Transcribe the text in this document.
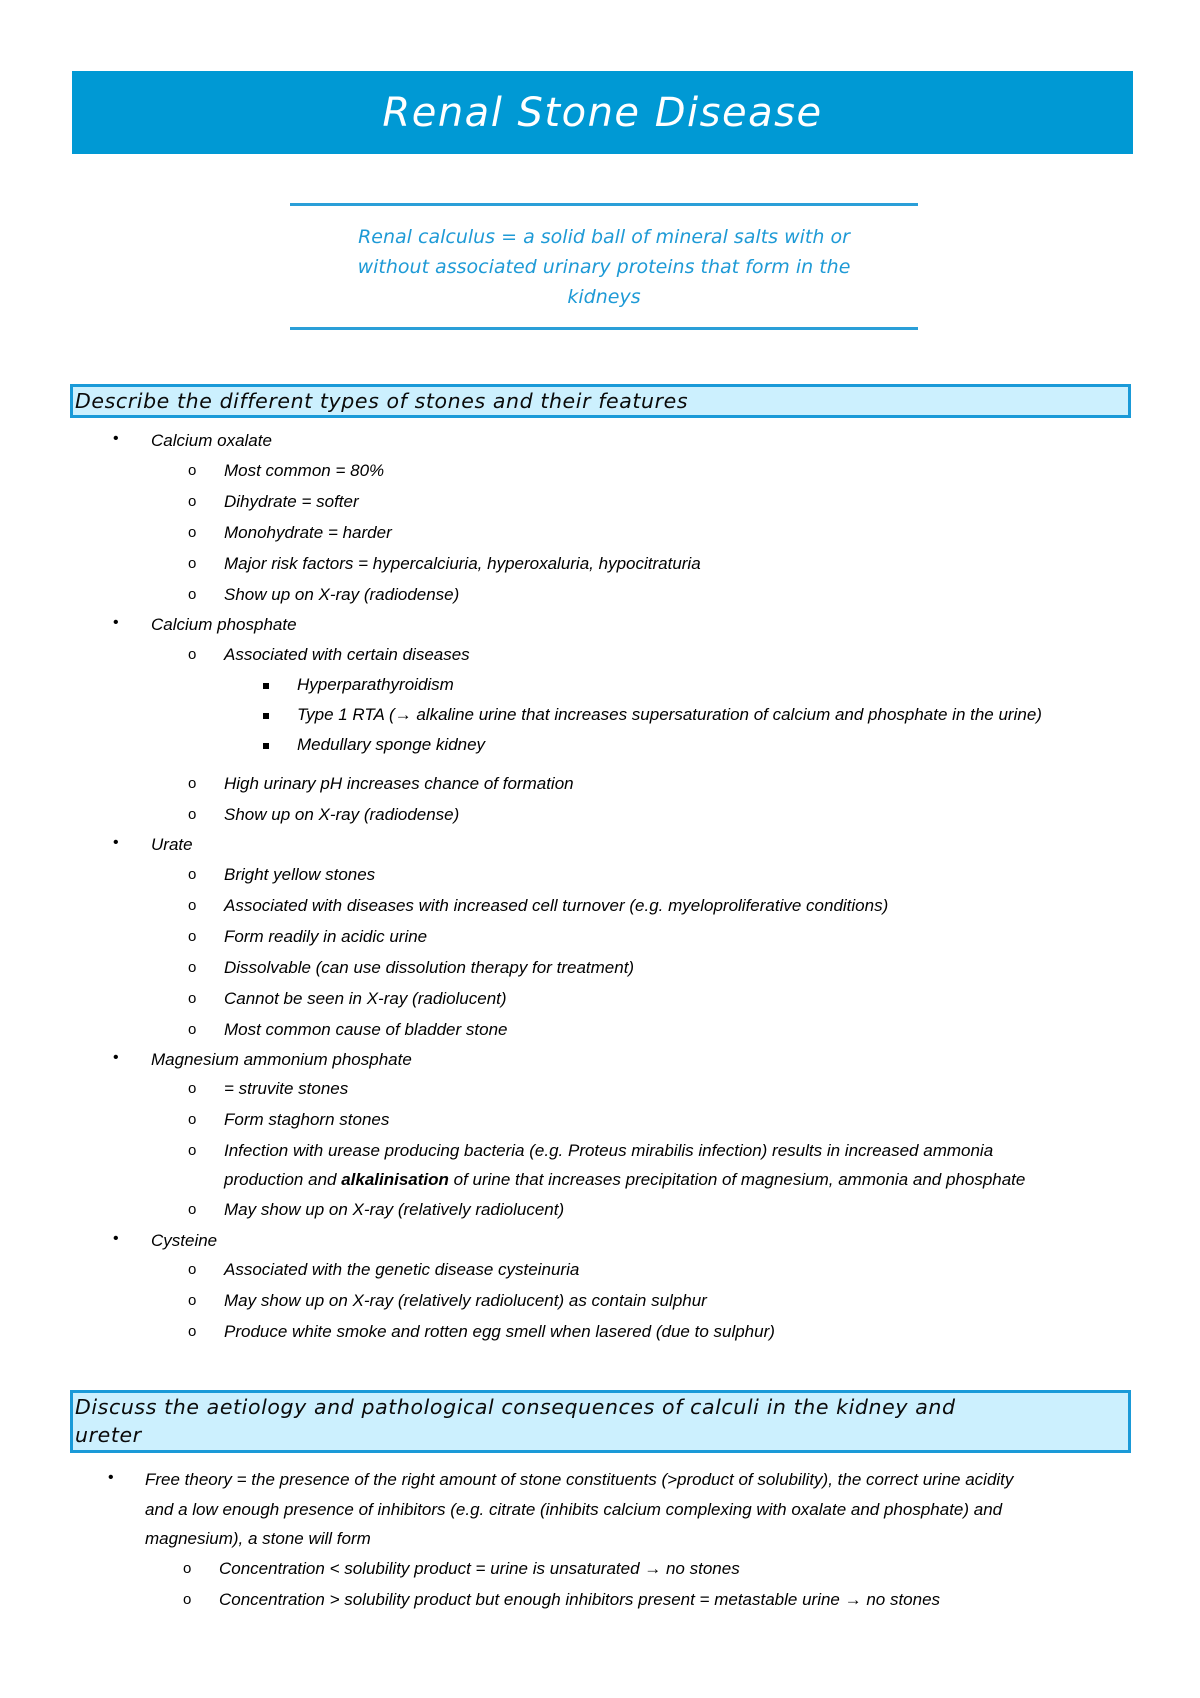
Renal Stone Disease
Renal calculus = a solid ball of mineral salts with or
without associated urinary proteins that form in the
kidneys
Describe the different types of stones and their features
• Calcium oxalate
o Most common = 80%
o Dihydrate = softer
o Monohydrate = harder
o Major risk factors = hypercalciuria, hyperoxaluria, hypocitraturia
o Show up on X-ray (radiodense)
• Calcium phosphate
o Associated with certain diseases
Hyperparathyroidism
Type 1 RTA (→ alkaline urine that increases supersaturation of calcium and phosphate in the urine)
Medullary sponge kidney
o High urinary pH increases chance of formation
o Show up on X-ray (radiodense)
• Urate
o Bright yellow stones
o Associated with diseases with increased cell turnover (e.g. myeloproliferative conditions)
o Form readily in acidic urine
o Dissolvable (can use dissolution therapy for treatment)
o Cannot be seen in X-ray (radiolucent)
o Most common cause of bladder stone
• Magnesium ammonium phosphate
o = struvite stones
o Form staghorn stones
o Infection with urease producing bacteria (e.g. Proteus mirabilis infection) results in increased ammonia
production and alkalinisation of urine that increases precipitation of magnesium, ammonia and phosphate
o May show up on X-ray (relatively radiolucent)
• Cysteine
o Associated with the genetic disease cysteinuria
o May show up on X-ray (relatively radiolucent) as contain sulphur
o Produce white smoke and rotten egg smell when lasered (due to sulphur)
Discuss the aetiology and pathological consequences of calculi in the kidney and
ureter
• Free theory = the presence of the right amount of stone constituents (>product of solubility), the correct urine acidity
and a low enough presence of inhibitors (e.g. citrate (inhibits calcium complexing with oxalate and phosphate) and
magnesium), a stone will form
o Concentration < solubility product = urine is unsaturated → no stones
o Concentration > solubility product but enough inhibitors present = metastable urine → no stones
